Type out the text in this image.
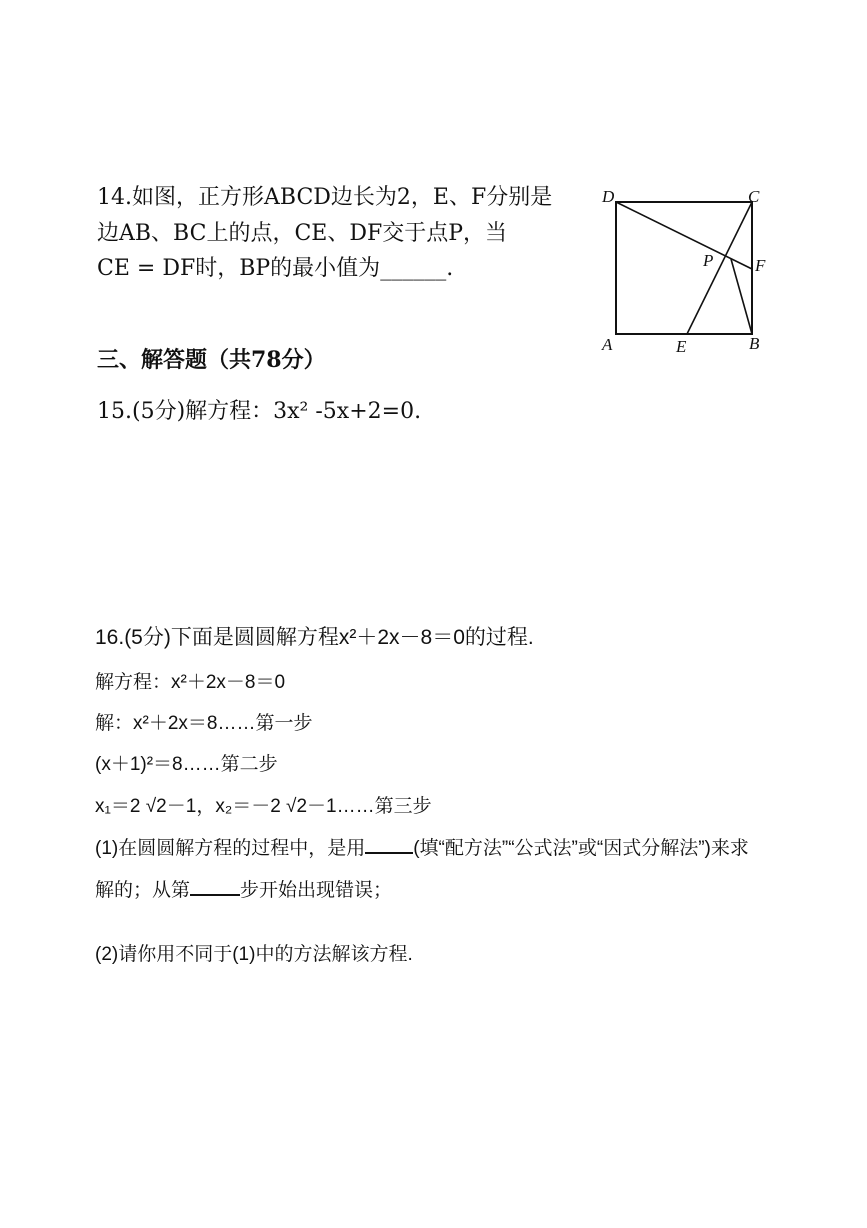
14.如图，正方形ABCD边长为2，E、F分别是
边AB、BC上的点，CE、DF交于点P，当
CE = DF时，BP的最小值为______.
D	C
A	B
E
F
P
三、解答题（共78分）
15.(5分)解方程：3x² -5x+2=0.
16.(5分)下面是圆圆解方程x²＋2x－8＝0的过程.
解方程：x²＋2x－8＝0
解：x²＋2x＝8……第一步
(x＋1)²＝8……第二步
x₁＝2 √2－1，x₂＝－2 √2－1……第三步
(1)在圆圆解方程的过程中，是用	(填“配方法”“公式法”或“因式分解法”)来求
解的；从第	步开始出现错误；
(2)请你用不同于(1)中的方法解该方程.
